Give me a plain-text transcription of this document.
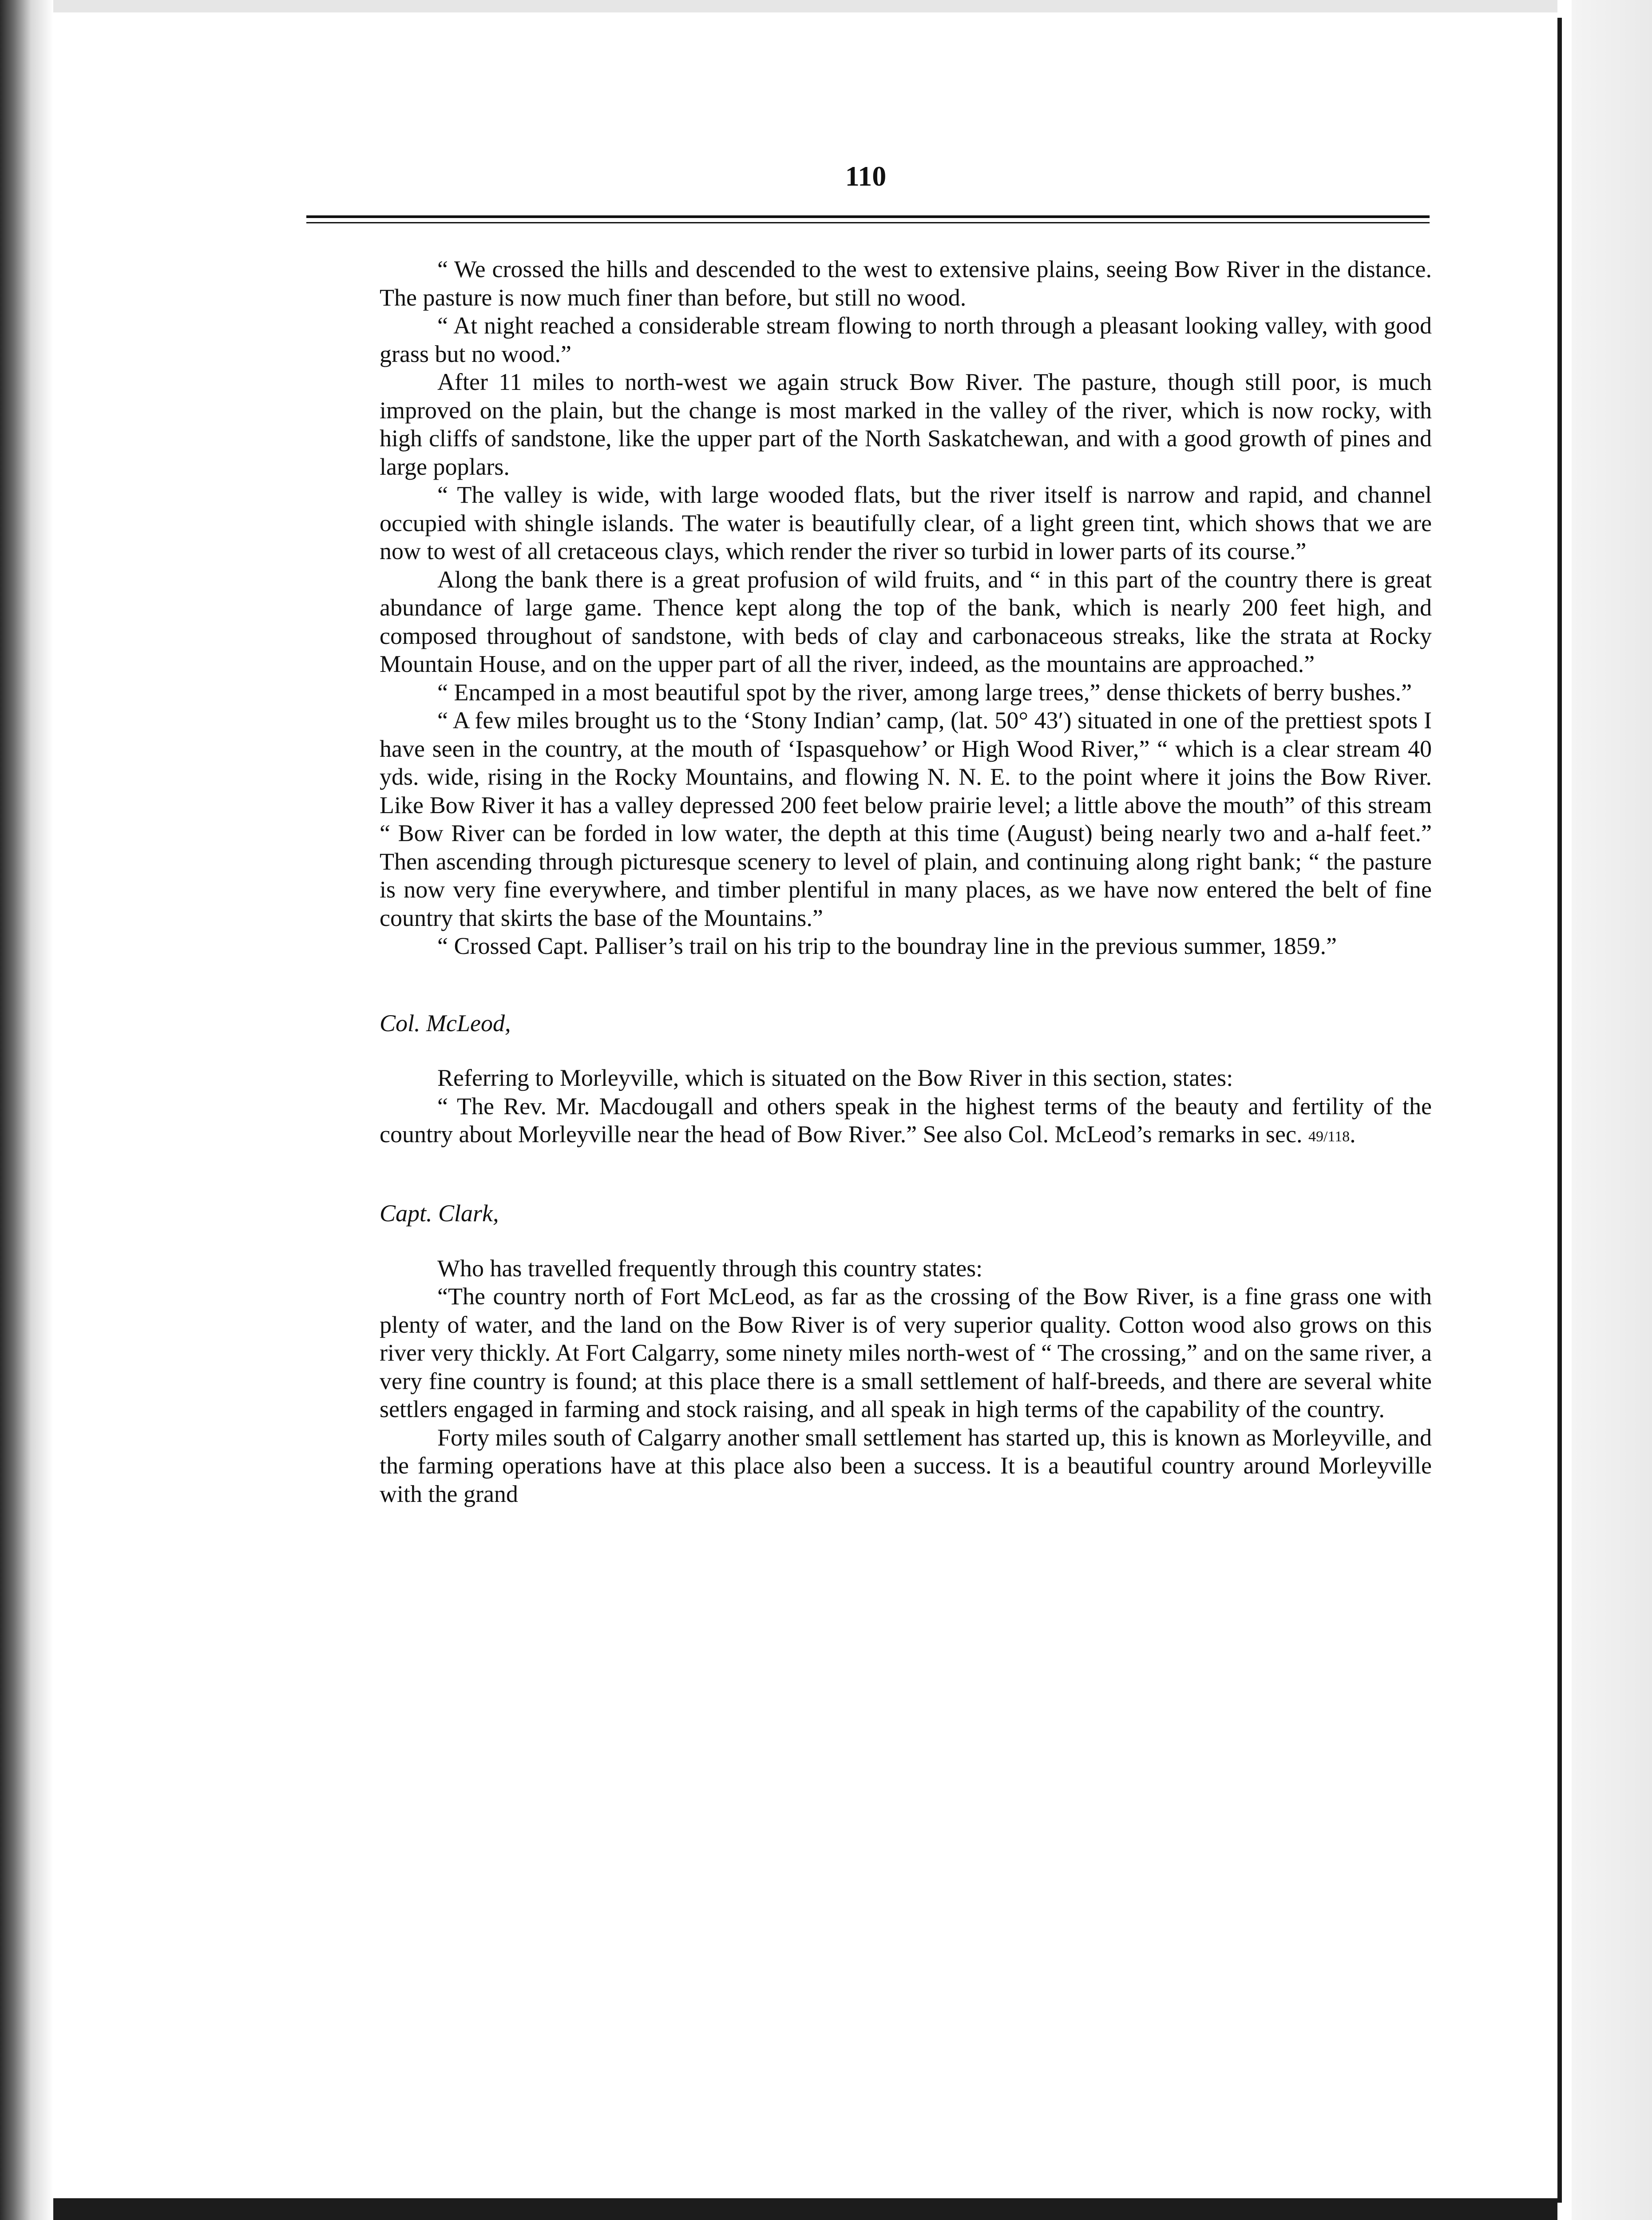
110

“ We crossed the hills and descended to the west to extensive plains, seeing Bow River in the distance. The pasture is now much finer than before, but still no wood.

“ At night reached a considerable stream flowing to north through a pleasant looking valley, with good grass but no wood.”

After 11 miles to north-west we again struck Bow River. The pasture, though still poor, is much improved on the plain, but the change is most marked in the valley of the river, which is now rocky, with high cliffs of sandstone, like the upper part of the North Saskatchewan, and with a good growth of pines and large poplars.

“ The valley is wide, with large wooded flats, but the river itself is narrow and rapid, and channel occupied with shingle islands. The water is beautifully clear, of a light green tint, which shows that we are now to west of all cretaceous clays, which render the river so turbid in lower parts of its course.”

Along the bank there is a great profusion of wild fruits, and “ in this part of the country there is great abundance of large game. Thence kept along the top of the bank, which is nearly 200 feet high, and composed throughout of sandstone, with beds of clay and carbonaceous streaks, like the strata at Rocky Mountain House, and on the upper part of all the river, indeed, as the mountains are approached.”

“ Encamped in a most beautiful spot by the river, among large trees,” dense thickets of berry bushes.”

“ A few miles brought us to the ‘Stony Indian’ camp, (lat. 50° 43′) situated in one of the prettiest spots I have seen in the country, at the mouth of ‘Ispasquehow’ or High Wood River,” “ which is a clear stream 40 yds. wide, rising in the Rocky Mountains, and flowing N. N. E. to the point where it joins the Bow River. Like Bow River it has a valley depressed 200 feet below prairie level; a little above the mouth” of this stream “ Bow River can be forded in low water, the depth at this time (August) being nearly two and a-half feet.” Then ascending through picturesque scenery to level of plain, and continuing along right bank; “ the pasture is now very fine everywhere, and timber plentiful in many places, as we have now entered the belt of fine country that skirts the base of the Mountains.”

“ Crossed Capt. Palliser’s trail on his trip to the boundray line in the previous summer, 1859.”

Col. McLeod,

Referring to Morleyville, which is situated on the Bow River in this section, states:

“ The Rev. Mr. Macdougall and others speak in the highest terms of the beauty and fertility of the country about Morleyville near the head of Bow River.” See also Col. McLeod’s remarks in sec. 49/118.

Capt. Clark,

Who has travelled frequently through this country states:

“The country north of Fort McLeod, as far as the crossing of the Bow River, is a fine grass one with plenty of water, and the land on the Bow River is of very superior quality. Cotton wood also grows on this river very thickly. At Fort Calgarry, some ninety miles north-west of “ The crossing,” and on the same river, a very fine country is found; at this place there is a small settlement of half-breeds, and there are several white settlers engaged in farming and stock raising, and all speak in high terms of the capability of the country.

Forty miles south of Calgarry another small settlement has started up, this is known as Morleyville, and the farming operations have at this place also been a success. It is a beautiful country around Morleyville with the grand
